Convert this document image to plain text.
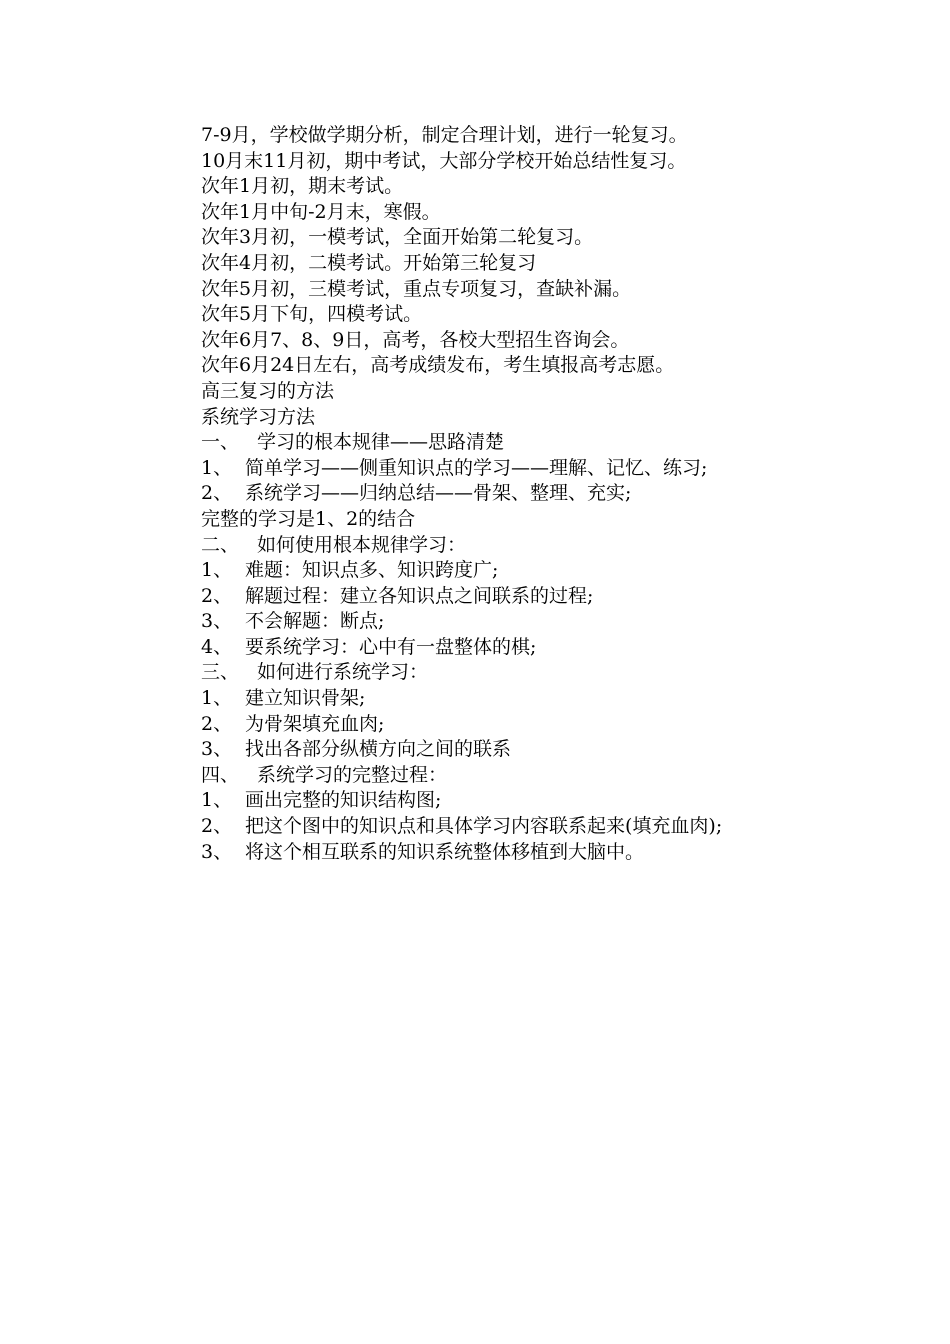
7-9月，学校做学期分析，制定合理计划，进行一轮复习。
10月末11月初，期中考试，大部分学校开始总结性复习。
次年1月初，期末考试。
次年1月中旬-2月末，寒假。
次年3月初，一模考试，全面开始第二轮复习。
次年4月初，二模考试。开始第三轮复习
次年5月初，三模考试，重点专项复习，查缺补漏。
次年5月下旬，四模考试。
次年6月7、8、9日，高考，各校大型招生咨询会。
次年6月24日左右，高考成绩发布，考生填报高考志愿。
高三复习的方法
系统学习方法
一、 学习的根本规律——思路清楚
1、 简单学习——侧重知识点的学习——理解、记忆、练习;
2、 系统学习——归纳总结——骨架、整理、充实;
完整的学习是1、2的结合
二、 如何使用根本规律学习：
1、 难题：知识点多、知识跨度广;
2、 解题过程：建立各知识点之间联系的过程;
3、 不会解题：断点;
4、 要系统学习：心中有一盘整体的棋;
三、 如何进行系统学习：
1、 建立知识骨架;
2、 为骨架填充血肉;
3、 找出各部分纵横方向之间的联系
四、 系统学习的完整过程：
1、 画出完整的知识结构图;
2、 把这个图中的知识点和具体学习内容联系起来(填充血肉);
3、 将这个相互联系的知识系统整体移植到大脑中。
